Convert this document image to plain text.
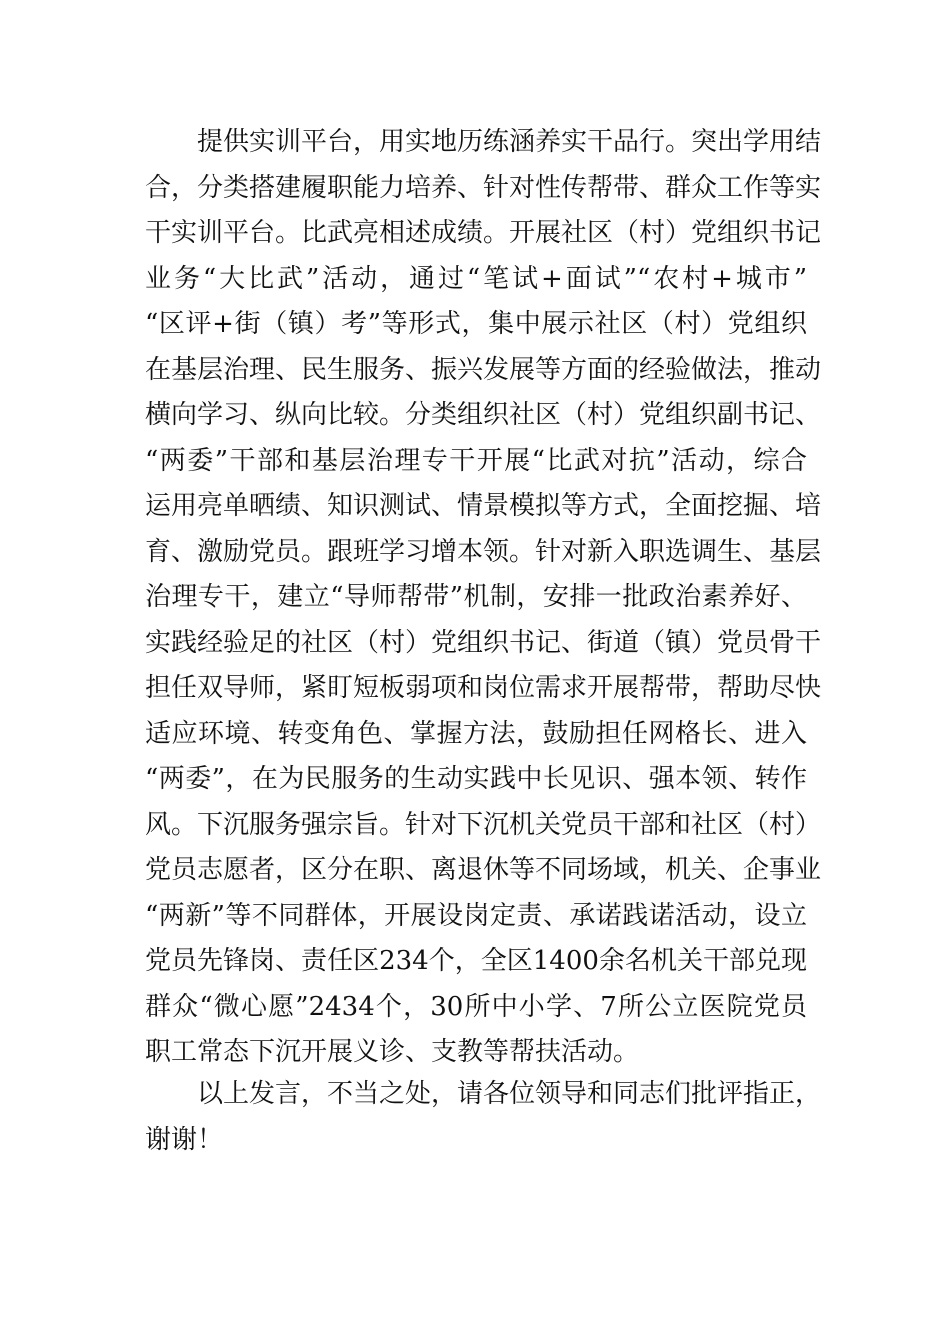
提供实训平台，用实地历练涵养实干品行。突出学用结
合，分类搭建履职能力培养、针对性传帮带、群众工作等实
干实训平台。比武亮相述成绩。开展社区（村）党组织书记
业务“大比武”活动，通过“笔试+面试”“农村+城市”
“区评+街（镇）考”等形式，集中展示社区（村）党组织
在基层治理、民生服务、振兴发展等方面的经验做法，推动
横向学习、纵向比较。分类组织社区（村）党组织副书记、
“两委”干部和基层治理专干开展“比武对抗”活动，综合
运用亮单晒绩、知识测试、情景模拟等方式，全面挖掘、培
育、激励党员。跟班学习增本领。针对新入职选调生、基层
治理专干，建立“导师帮带”机制，安排一批政治素养好、
实践经验足的社区（村）党组织书记、街道（镇）党员骨干
担任双导师，紧盯短板弱项和岗位需求开展帮带，帮助尽快
适应环境、转变角色、掌握方法，鼓励担任网格长、进入
“两委”，在为民服务的生动实践中长见识、强本领、转作
风。下沉服务强宗旨。针对下沉机关党员干部和社区（村）
党员志愿者，区分在职、离退休等不同场域，机关、企事业
“两新”等不同群体，开展设岗定责、承诺践诺活动，设立
党员先锋岗、责任区234个，全区1400余名机关干部兑现
群众“微心愿”2434个，30所中小学、7所公立医院党员
职工常态下沉开展义诊、支教等帮扶活动。
以上发言，不当之处，请各位领导和同志们批评指正，
谢谢！
